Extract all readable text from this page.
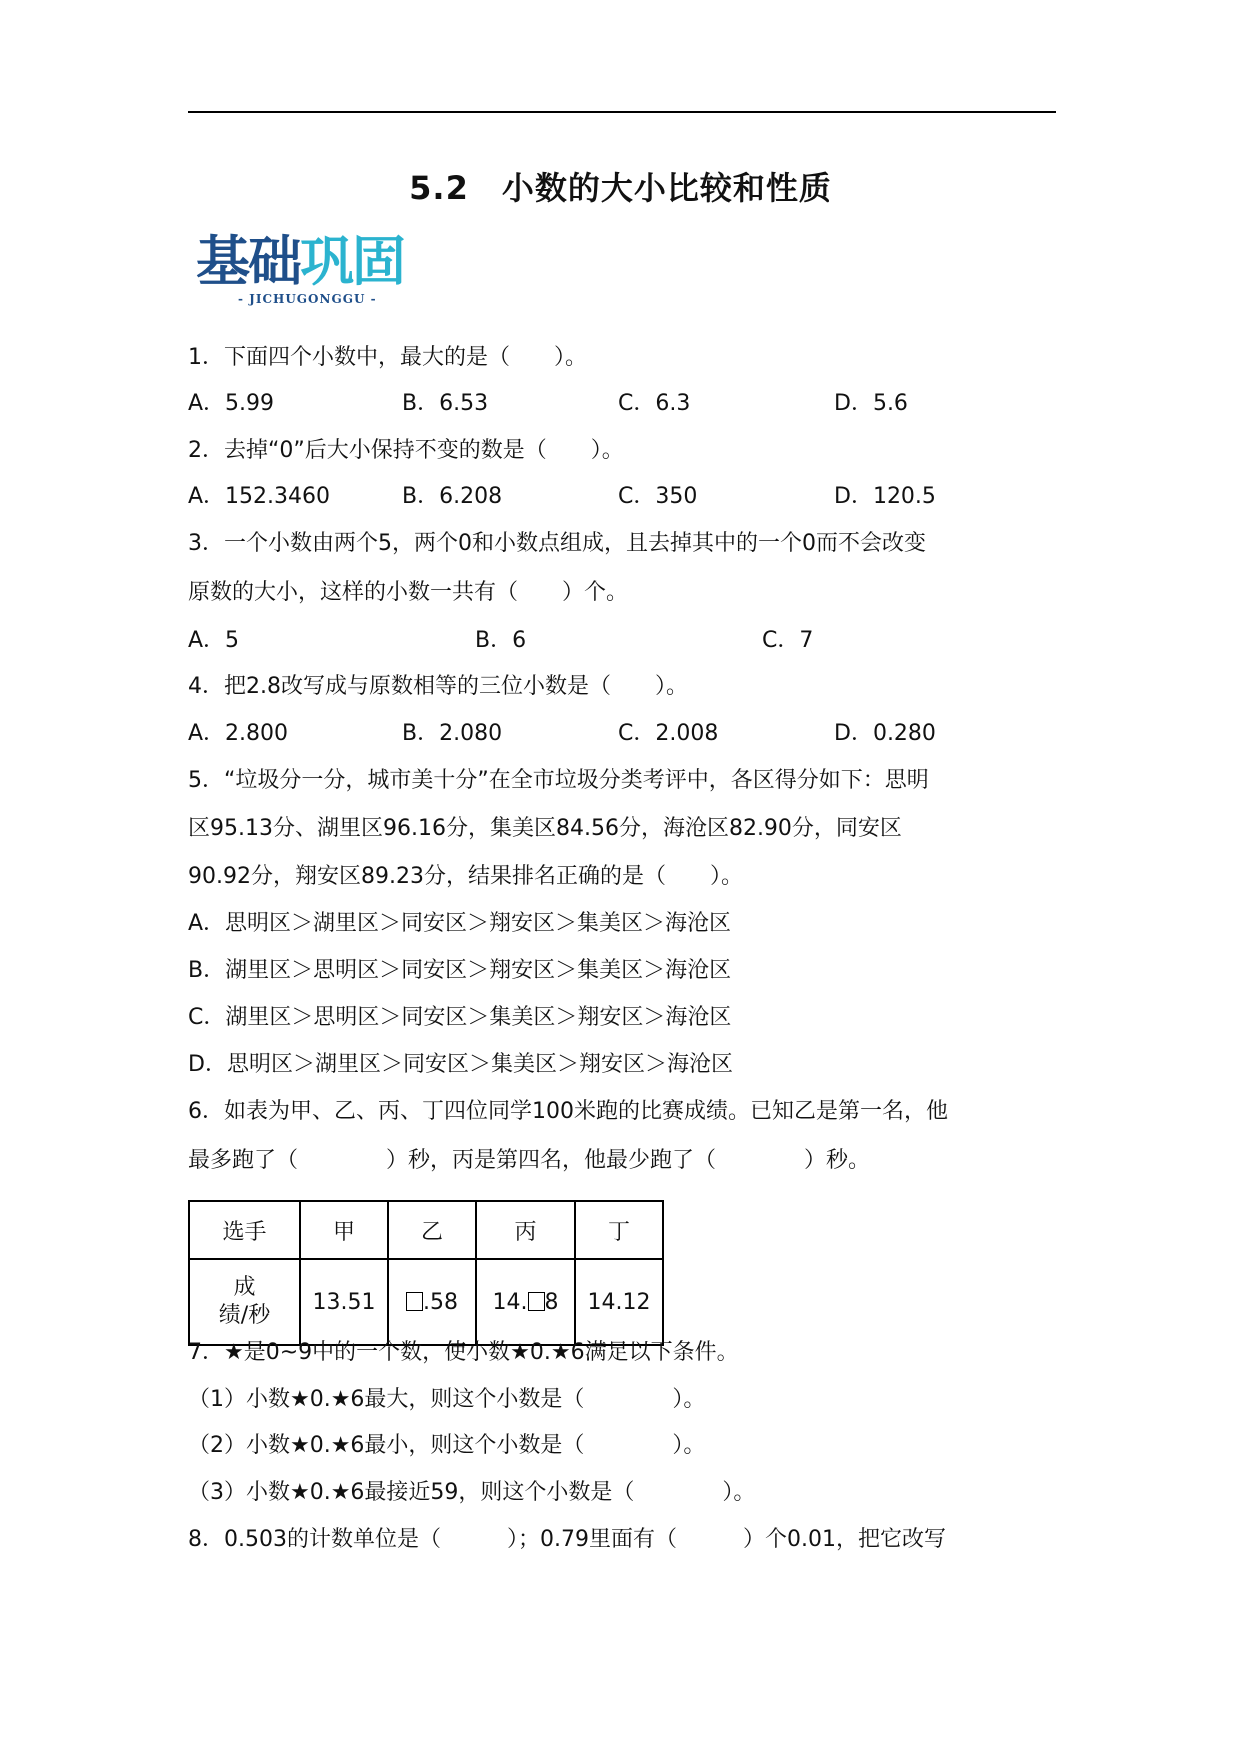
5.2　小数的大小比较和性质
基础巩固
- JICHUGONGGU -
1．下面四个小数中，最大的是（　　）。
A．5.99	B．6.53	C．6.3	D．5.6
2．去掉“0”后大小保持不变的数是（　　）。
A．152.3460	B．6.208	C．350	D．120.5
3．一个小数由两个5，两个0和小数点组成，且去掉其中的一个0而不会改变
原数的大小，这样的小数一共有（　　）个。
A．5	B．6	C．7
4．把2.8改写成与原数相等的三位小数是（　　）。
A．2.800	B．2.080	C．2.008	D．0.280
5．“垃圾分一分，城市美十分”在全市垃圾分类考评中，各区得分如下：思明
区95.13分、湖里区96.16分，集美区84.56分，海沧区82.90分，同安区
90.92分，翔安区89.23分，结果排名正确的是（　　）。
A．思明区＞湖里区＞同安区＞翔安区＞集美区＞海沧区
B．湖里区＞思明区＞同安区＞翔安区＞集美区＞海沧区
C．湖里区＞思明区＞同安区＞集美区＞翔安区＞海沧区
D．思明区＞湖里区＞同安区＞集美区＞翔安区＞海沧区
6．如表为甲、乙、丙、丁四位同学100米跑的比赛成绩。已知乙是第一名，他
最多跑了（　　　　）秒，丙是第四名，他最少跑了（　　　　）秒。
选手	甲	乙	丙	丁

成
绩/秒	13.51	.58	14. 8	14.12
7．★是0~9中的一个数，使小数★0.★6满足以下条件。
（1）小数★0.★6最大，则这个小数是（　　　　）。
（2）小数★0.★6最小，则这个小数是（　　　　）。
（3）小数★0.★6最接近59，则这个小数是（　　　　）。
8．0.503的计数单位是（　　　）；0.79里面有（　　　）个0.01，把它改写
